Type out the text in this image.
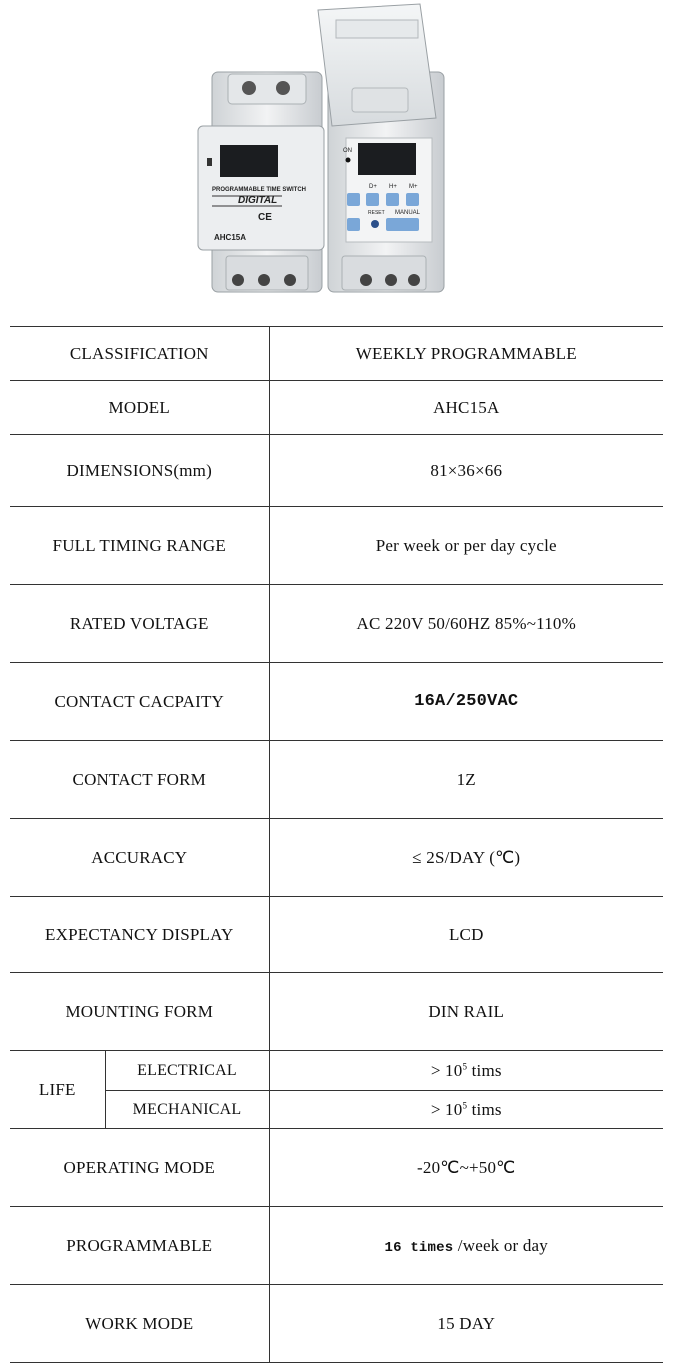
PROGRAMMABLE TIME SWITCH
DIGITAL
CE
AHC15A
ON
D+ H+ M+
RESET MANUAL
CLASSIFICATION		WEEKLY PROGRAMMABLE
MODEL		AHC15A
DIMENSIONS(mm)		81×36×66
FULL TIMING RANGE		Per week or per day cycle
RATED VOLTAGE		AC 220V 50/60HZ 85%~110%
CONTACT CACPAITY		16A/250VAC
CONTACT FORM		1Z
ACCURACY		≤ 2S/DAY (℃)
EXPECTANCY DISPLAY		LCD
MOUNTING FORM		DIN RAIL
LIFE	ELECTRICAL	> $10^5$ tims
	MECHANICAL	> $10^5$ tims
OPERATING MODE		-20℃~+50℃
PROGRAMMABLE		16 times /week or day
WORK MODE		15 DAY
